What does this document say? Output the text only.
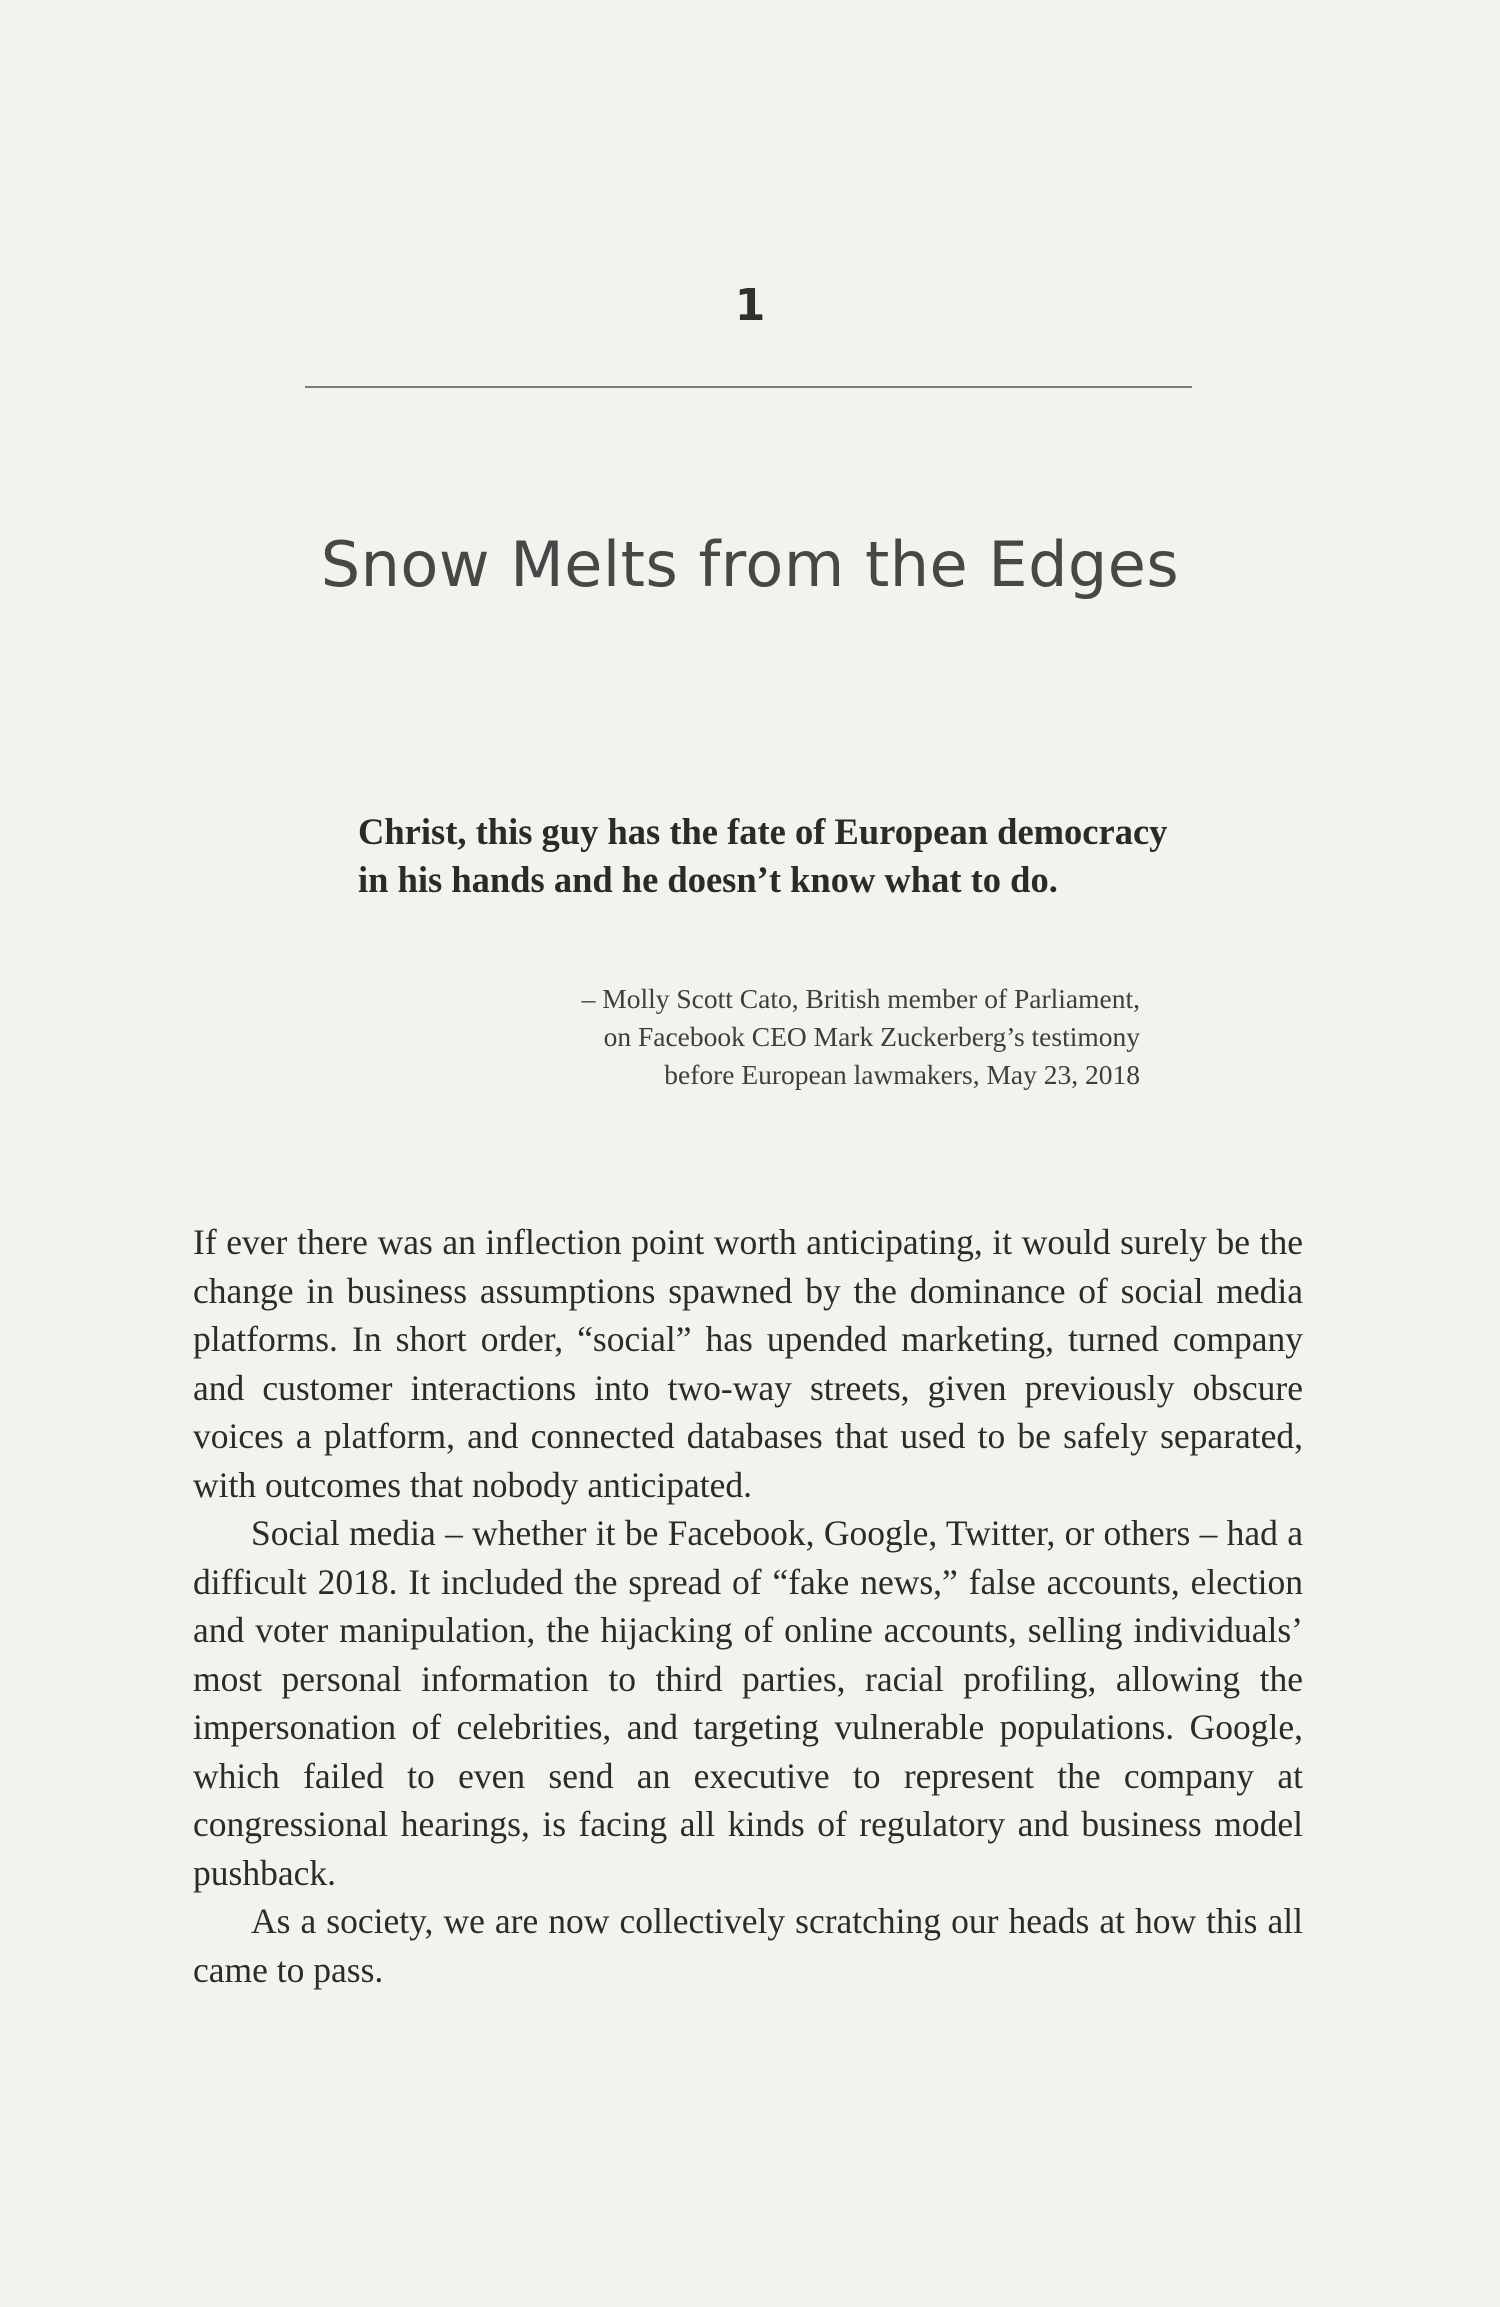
1
Snow Melts from the Edges
Christ, this guy has the fate of European democracy in his hands and he doesn’t know what to do.
– Molly Scott Cato, British member of Parliament,
on Facebook CEO Mark Zuckerberg’s testimony
before European lawmakers, May 23, 2018

If ever there was an inflection point worth anticipating, it would surely be the change in business assumptions spawned by the dominance of social media platforms. In short order, “social” has upended marketing, turned company and customer interactions into two-way streets, given previously obscure voices a platform, and connected databases that used to be safely separated, with outcomes that nobody anticipated.

Social media – whether it be Facebook, Google, Twitter, or others – had a difficult 2018. It included the spread of “fake news,” false accounts, election and voter manipulation, the hijacking of online accounts, selling individuals’ most personal information to third parties, racial profiling, allowing the impersonation of celebrities, and targeting vulnerable populations. Google, which failed to even send an executive to represent the company at congressional hearings, is facing all kinds of regulatory and business model pushback.

As a society, we are now collectively scratching our heads at how this all came to pass.
